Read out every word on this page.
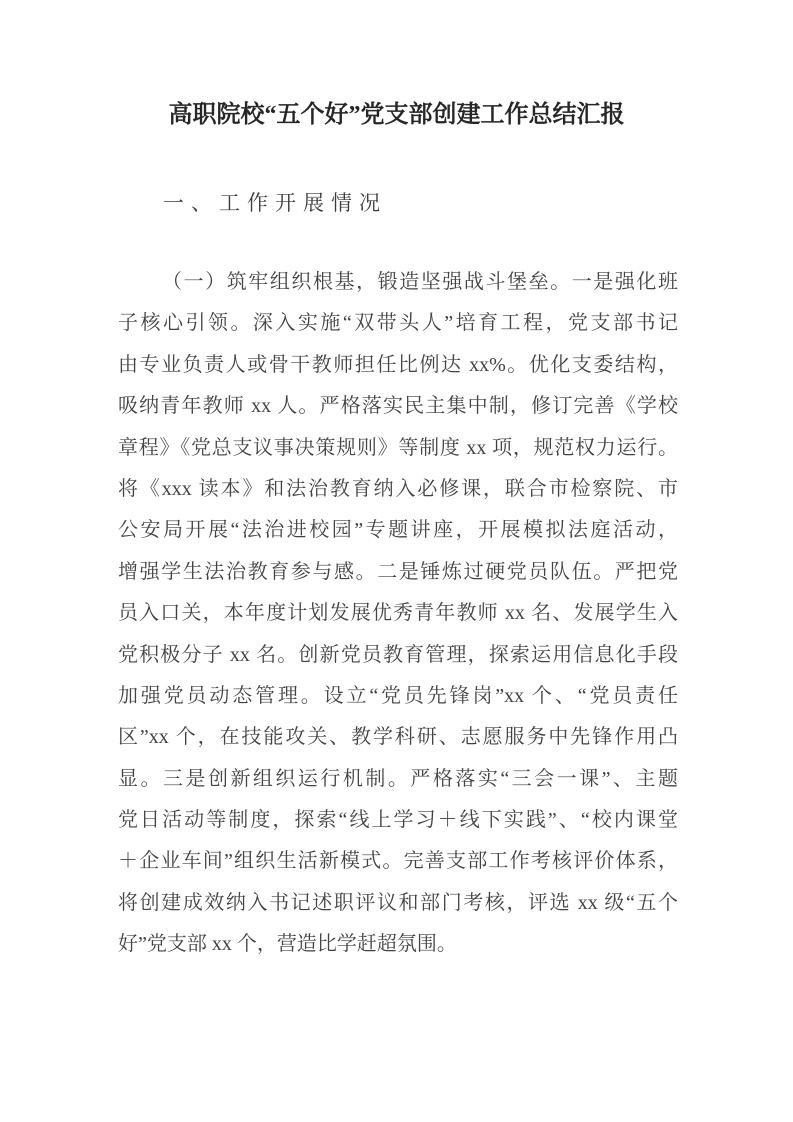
高职院校“五个好”党支部创建工作总结汇报
一、工作开展情况
（一）筑牢组织根基，锻造坚强战斗堡垒。一是强化班
子核心引领。深入实施“双带头人”培育工程，党支部书记
由专业负责人或骨干教师担任比例达 xx%。优化支委结构，
吸纳青年教师 xx 人。严格落实民主集中制，修订完善《学校
章程》《党总支议事决策规则》等制度 xx 项，规范权力运行。
将《xxx 读本》和法治教育纳入必修课，联合市检察院、市
公安局开展“法治进校园”专题讲座，开展模拟法庭活动，
增强学生法治教育参与感。二是锤炼过硬党员队伍。严把党
员入口关，本年度计划发展优秀青年教师 xx 名、发展学生入
党积极分子 xx 名。创新党员教育管理，探索运用信息化手段
加强党员动态管理。设立“党员先锋岗”xx 个、“党员责任
区”xx 个，在技能攻关、教学科研、志愿服务中先锋作用凸
显。三是创新组织运行机制。严格落实“三会一课”、主题
党日活动等制度，探索“线上学习＋线下实践”、“校内课堂
＋企业车间”组织生活新模式。完善支部工作考核评价体系，
将创建成效纳入书记述职评议和部门考核，评选 xx 级“五个
好”党支部 xx 个，营造比学赶超氛围。
